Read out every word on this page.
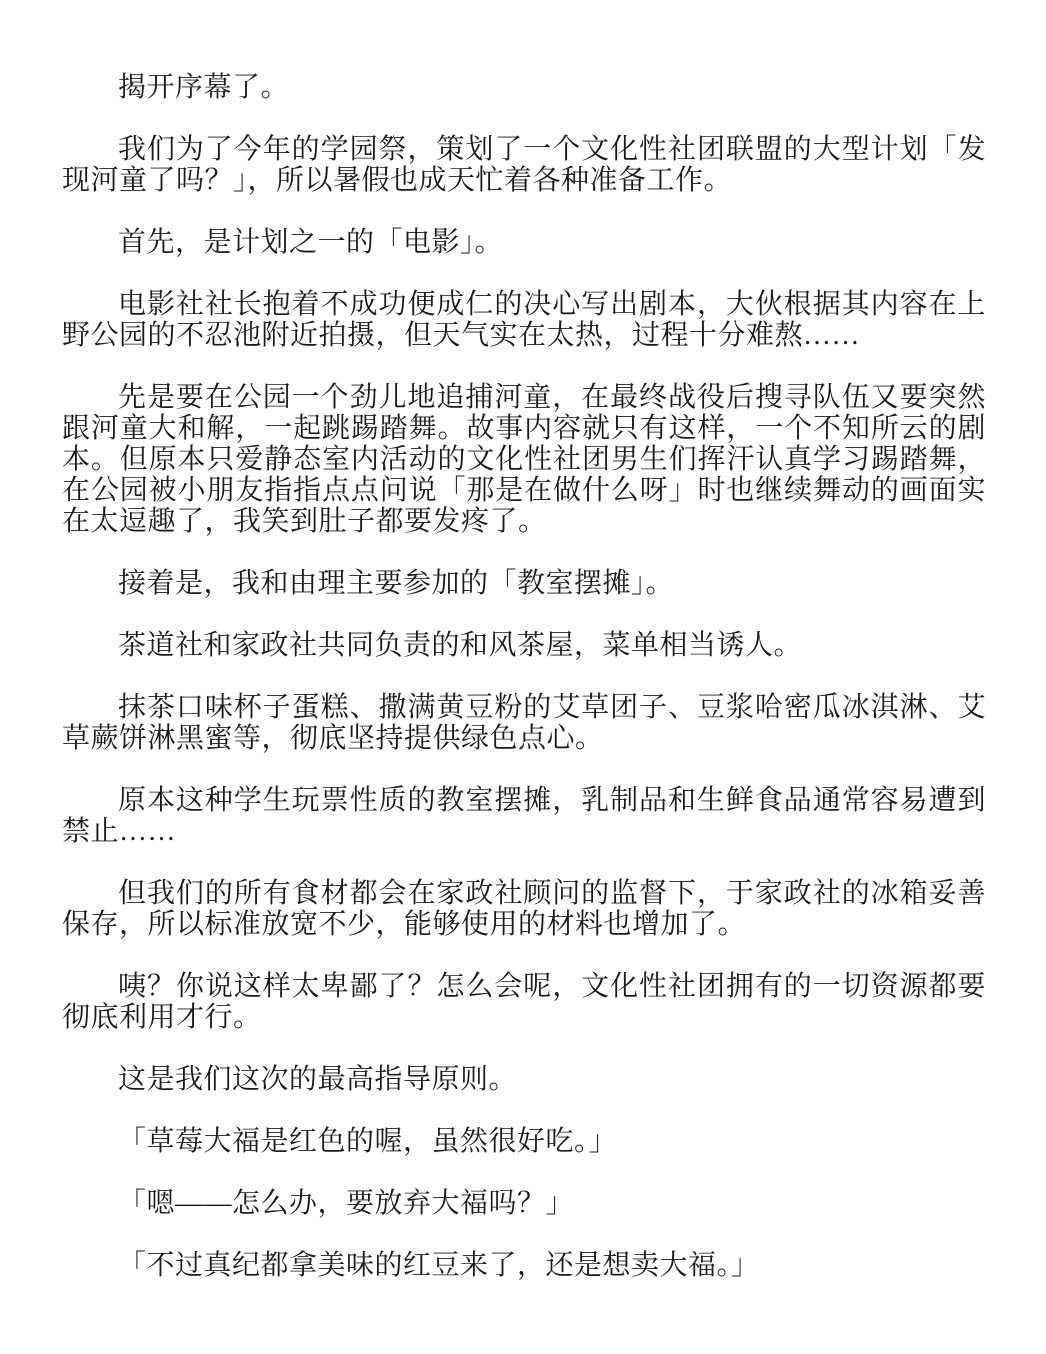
揭开序幕了。

我们为了今年的学园祭，策划了一个文化性社团联盟的大型计划「发现河童了吗？」，所以暑假也成天忙着各种准备工作。

首先，是计划之一的「电影」。

电影社社长抱着不成功便成仁的决心写出剧本，大伙根据其内容在上野公园的不忍池附近拍摄，但天气实在太热，过程十分难熬……

先是要在公园一个劲儿地追捕河童，在最终战役后搜寻队伍又要突然跟河童大和解，一起跳踢踏舞。故事内容就只有这样，一个不知所云的剧本。但原本只爱静态室内活动的文化性社团男生们挥汗认真学习踢踏舞，在公园被小朋友指指点点问说「那是在做什么呀」时也继续舞动的画面实在太逗趣了，我笑到肚子都要发疼了。

接着是，我和由理主要参加的「教室摆摊」。

茶道社和家政社共同负责的和风茶屋，菜单相当诱人。

抹茶口味杯子蛋糕、撒满黄豆粉的艾草团子、豆浆哈密瓜冰淇淋、艾草蕨饼淋黑蜜等，彻底坚持提供绿色点心。

原本这种学生玩票性质的教室摆摊，乳制品和生鲜食品通常容易遭到禁止……

但我们的所有食材都会在家政社顾问的监督下，于家政社的冰箱妥善保存，所以标准放宽不少，能够使用的材料也增加了。

咦？你说这样太卑鄙了？怎么会呢，文化性社团拥有的一切资源都要彻底利用才行。

这是我们这次的最高指导原则。

「草莓大福是红色的喔，虽然很好吃。」

「嗯——怎么办，要放弃大福吗？」

「不过真纪都拿美味的红豆来了，还是想卖大福。」
